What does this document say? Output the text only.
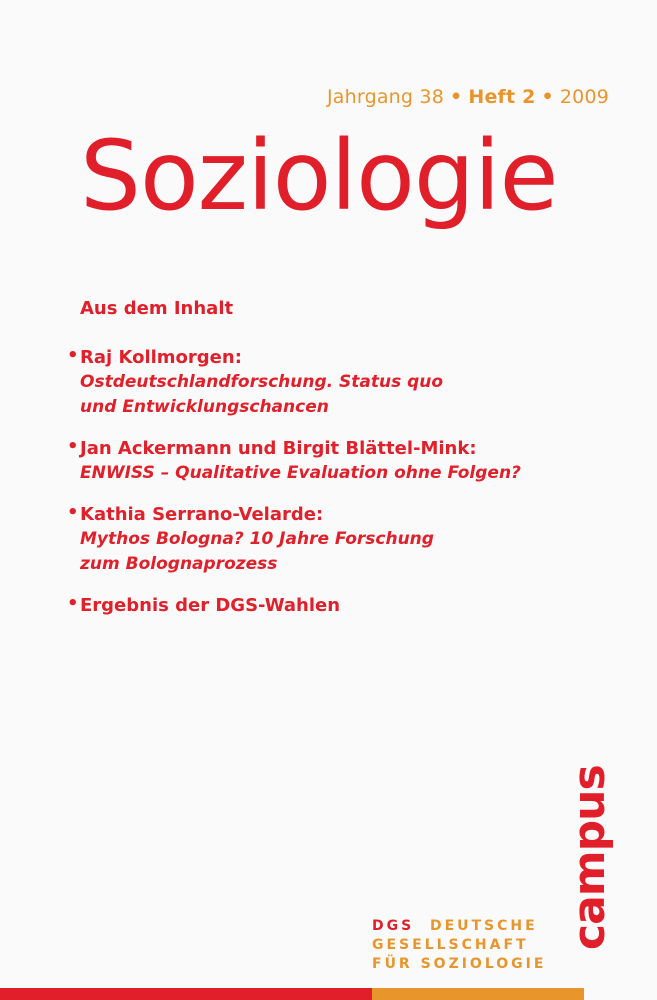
Jahrgang 38 • Heft 2 • 2009
Soziologie
Aus dem Inhalt
• Raj Kollmorgen:
Ostdeutschlandforschung. Status quo
und Entwicklungschancen
• Jan Ackermann und Birgit Blättel-Mink:
ENWISS – Qualitative Evaluation ohne Folgen?
• Kathia Serrano-Velarde:
Mythos Bologna? 10 Jahre Forschung
zum Bolognaprozess
• Ergebnis der DGS-Wahlen
campus
DGS DEUTSCHE
GESELLSCHAFT
FÜR SOZIOLOGIE
